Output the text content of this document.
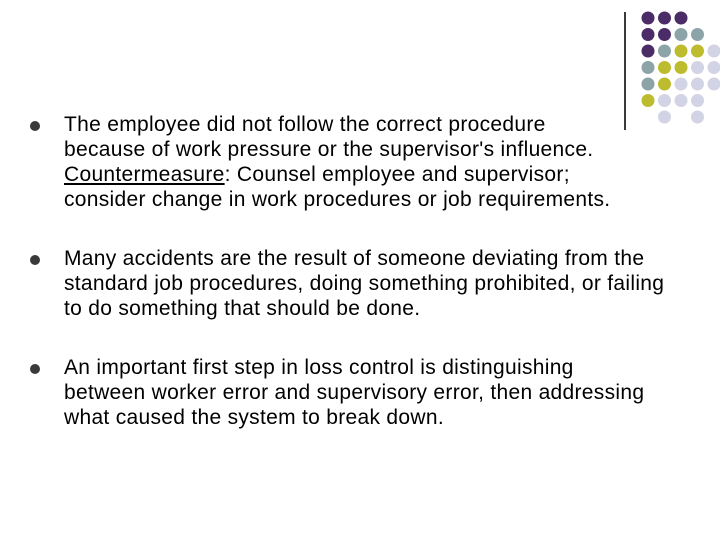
The employee did not follow the correct procedure
because of work pressure or the supervisor's influence.
Countermeasure: Counsel employee and supervisor;
consider change in work procedures or job requirements.
Many accidents are the result of someone deviating from the standard job procedures, doing something prohibited, or failing to do something that should be done.
An important first step in loss control is distinguishing between worker error and supervisory error, then addressing what caused the system to break down.
